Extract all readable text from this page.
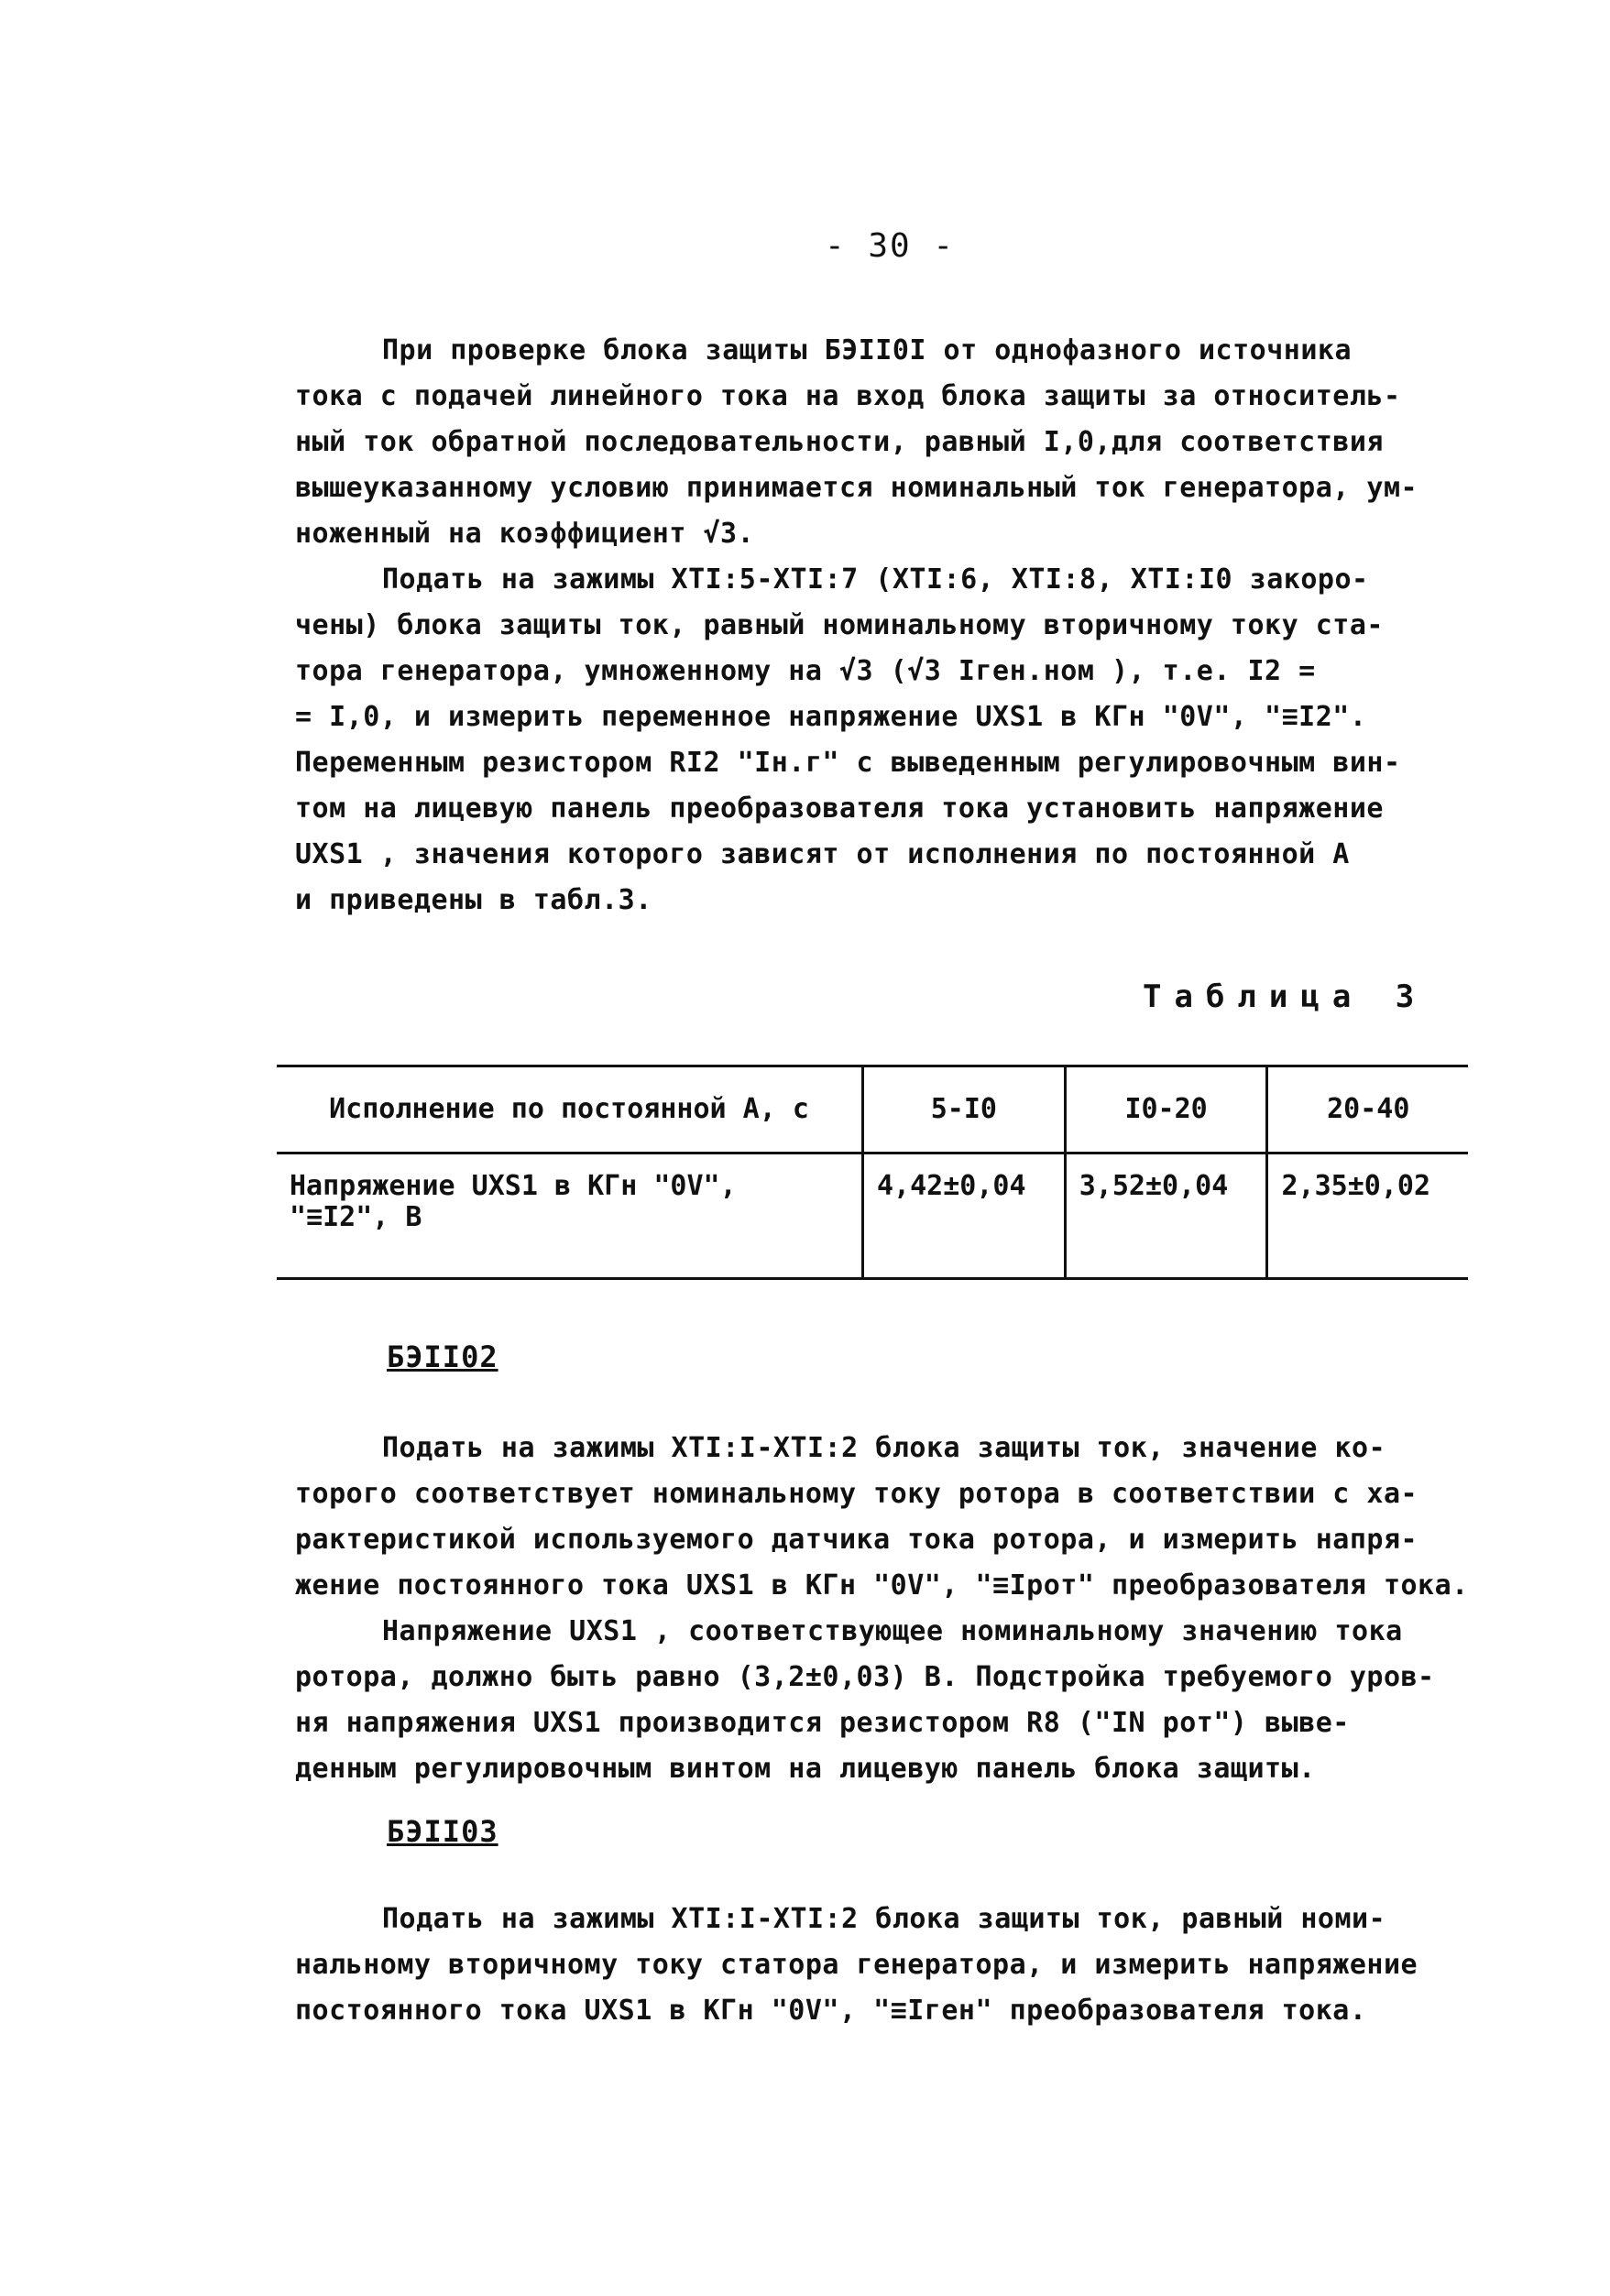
- 30 -
При проверке блока защиты БЭII0I от однофазного источника
тока с подачей линейного тока на вход блока защиты за относитель-
ный ток обратной последовательности, равный I,0,для соответствия
вышеуказанному условию принимается номинальный ток генератора, ум-
ноженный на коэффициент √3.
Подать на зажимы ХТI:5-ХТI:7 (ХТI:6, ХТI:8, ХТI:I0 закоро-
чены) блока защиты ток, равный номинальному вторичному току ста-
тора генератора, умноженному на √3 (√3 Iген.ном ), т.е. I2 =
= I,0, и измерить переменное напряжение UXS1 в КГн "0V", "≡I2".
Переменным резистором RI2 "Iн.г" с выведенным регулировочным вин-
том на лицевую панель преобразователя тока установить напряжение
UXS1 , значения которого зависят от исполнения по постоянной A
и приведены в табл.3.
Таблица 3
Исполнение по постоянной А, с	5-I0	I0-20	20-40

Напряжение UXS1 в КГн "0V",
"≡I2", В	4,42±0,04	3,52±0,04	2,35±0,02
БЭII02
Подать на зажимы ХТI:I-ХТI:2 блока защиты ток, значение ко-
торого соответствует номинальному току ротора в соответствии с ха-
рактеристикой используемого датчика тока ротора, и измерить напря-
жение постоянного тока UXS1 в КГн "0V", "≡Iрот" преобразователя тока.
Напряжение UXS1 , соответствующее номинальному значению тока
ротора, должно быть равно (3,2±0,03) В. Подстройка требуемого уров-
ня напряжения UXS1 производится резистором R8 ("IN рот") выве-
денным регулировочным винтом на лицевую панель блока защиты.
БЭII03
Подать на зажимы ХТI:I-ХТI:2 блока защиты ток, равный номи-
нальному вторичному току статора генератора, и измерить напряжение
постоянного тока UXS1 в КГн "0V", "≡Iген" преобразователя тока.
